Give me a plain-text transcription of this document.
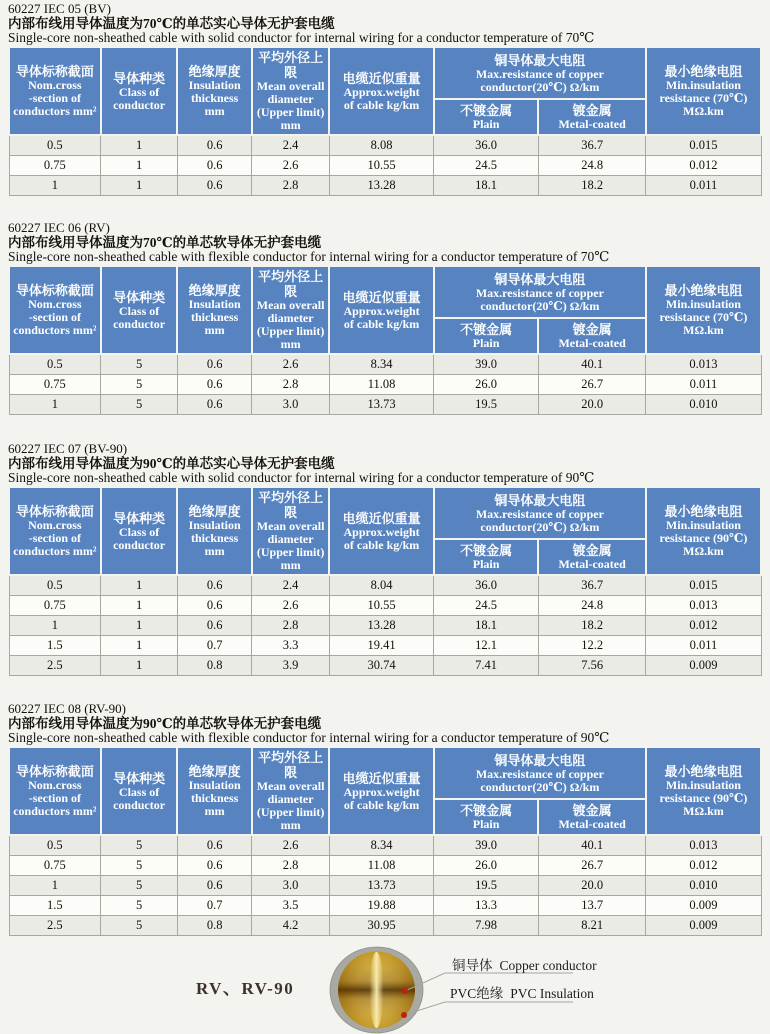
60227 IEC 05 (BV)
内部布线用导体温度为70℃的单芯实心导体无护套电缆
Single-core non-sheathed cable with solid conductor for internal wiring for a conductor temperature of 70℃
导体标称截面
Nom.cross
-section of
conductors mm²

导体种类
Class of
conductor

绝缘厚度
Insulation
thickness
mm

平均外径上限
Mean overall
diameter
(Upper limit)
mm

电缆近似重量
Approx.weight
of cable kg/km

铜导体最大电阻
Max.resistance of copper
conductor(20℃) Ω/km

最小绝缘电阻
Min.insulation
resistance (70℃)
MΩ.km

不镀金属
Plain

镀金属
Metal-coated

0.5	1	0.6	2.4	8.08	36.0	36.7	0.015
0.75	1	0.6	2.6	10.55	24.5	24.8	0.012
1	1	0.6	2.8	13.28	18.1	18.2	0.011
60227 IEC 06 (RV)
内部布线用导体温度为70℃的单芯软导体无护套电缆
Single-core non-sheathed cable with flexible conductor for internal wiring for a conductor temperature of 70℃
导体标称截面
Nom.cross
-section of
conductors mm²

导体种类
Class of
conductor

绝缘厚度
Insulation
thickness
mm

平均外径上限
Mean overall
diameter
(Upper limit)
mm

电缆近似重量
Approx.weight
of cable kg/km

铜导体最大电阻
Max.resistance of copper
conductor(20℃) Ω/km

最小绝缘电阻
Min.insulation
resistance (70℃)
MΩ.km

不镀金属
Plain

镀金属
Metal-coated

0.5	5	0.6	2.6	8.34	39.0	40.1	0.013
0.75	5	0.6	2.8	11.08	26.0	26.7	0.011
1	5	0.6	3.0	13.73	19.5	20.0	0.010
60227 IEC 07 (BV-90)
内部布线用导体温度为90℃的单芯实心导体无护套电缆
Single-core non-sheathed cable with solid conductor for internal wiring for a conductor temperature of 90℃
导体标称截面
Nom.cross
-section of
conductors mm²

导体种类
Class of
conductor

绝缘厚度
Insulation
thickness
mm

平均外径上限
Mean overall
diameter
(Upper limit)
mm

电缆近似重量
Approx.weight
of cable kg/km

铜导体最大电阻
Max.resistance of copper
conductor(20℃) Ω/km

最小绝缘电阻
Min.insulation
resistance (90℃)
MΩ.km

不镀金属
Plain

镀金属
Metal-coated

0.5	1	0.6	2.4	8.04	36.0	36.7	0.015
0.75	1	0.6	2.6	10.55	24.5	24.8	0.013
1	1	0.6	2.8	13.28	18.1	18.2	0.012
1.5	1	0.7	3.3	19.41	12.1	12.2	0.011
2.5	1	0.8	3.9	30.74	7.41	7.56	0.009
60227 IEC 08 (RV-90)
内部布线用导体温度为90℃的单芯软导体无护套电缆
Single-core non-sheathed cable with flexible conductor for internal wiring for a conductor temperature of 90℃
导体标称截面
Nom.cross
-section of
conductors mm²

导体种类
Class of
conductor

绝缘厚度
Insulation
thickness
mm

平均外径上限
Mean overall
diameter
(Upper limit)
mm

电缆近似重量
Approx.weight
of cable kg/km

铜导体最大电阻
Max.resistance of copper
conductor(20℃) Ω/km

最小绝缘电阻
Min.insulation
resistance (90℃)
MΩ.km

不镀金属
Plain

镀金属
Metal-coated

0.5	5	0.6	2.6	8.34	39.0	40.1	0.013
0.75	5	0.6	2.8	11.08	26.0	26.7	0.012
1	5	0.6	3.0	13.73	19.5	20.0	0.010
1.5	5	0.7	3.5	19.88	13.3	13.7	0.009
2.5	5	0.8	4.2	30.95	7.98	8.21	0.009
RV、RV-90
铜导体 Copper conductor
PVC绝缘 PVC Insulation
